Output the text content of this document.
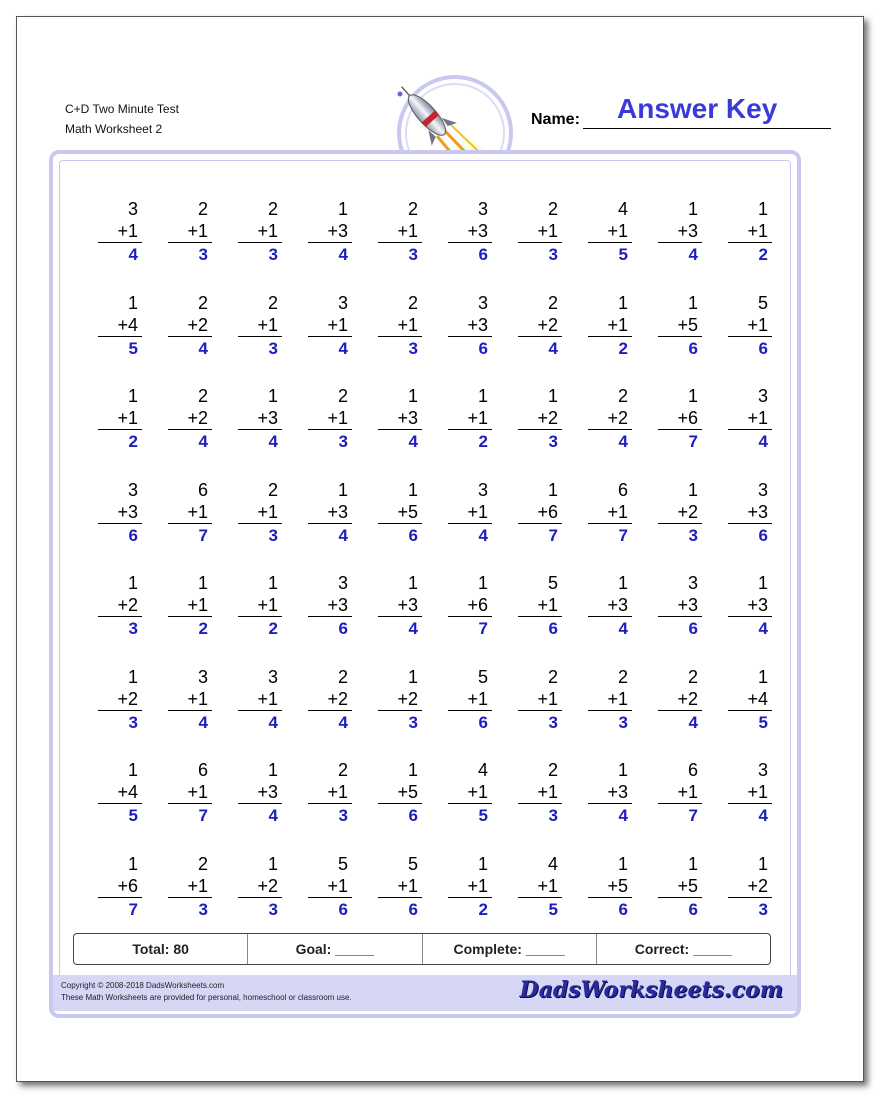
C+D Two Minute Test
Math Worksheet 2
Answer Key
Name:
3
+1
4
2
+1
3
2
+1
3
1
+3
4
2
+1
3
3
+3
6
2
+1
3
4
+1
5
1
+3
4
1
+1
2
1
+4
5
2
+2
4
2
+1
3
3
+1
4
2
+1
3
3
+3
6
2
+2
4
1
+1
2
1
+5
6
5
+1
6
1
+1
2
2
+2
4
1
+3
4
2
+1
3
1
+3
4
1
+1
2
1
+2
3
2
+2
4
1
+6
7
3
+1
4
3
+3
6
6
+1
7
2
+1
3
1
+3
4
1
+5
6
3
+1
4
1
+6
7
6
+1
7
1
+2
3
3
+3
6
1
+2
3
1
+1
2
1
+1
2
3
+3
6
1
+3
4
1
+6
7
5
+1
6
1
+3
4
3
+3
6
1
+3
4
1
+2
3
3
+1
4
3
+1
4
2
+2
4
1
+2
3
5
+1
6
2
+1
3
2
+1
3
2
+2
4
1
+4
5
1
+4
5
6
+1
7
1
+3
4
2
+1
3
1
+5
6
4
+1
5
2
+1
3
1
+3
4
6
+1
7
3
+1
4
1
+6
7
2
+1
3
1
+2
3
5
+1
6
5
+1
6
1
+1
2
4
+1
5
1
+5
6
1
+5
6
1
+2
3
Total: 80	Goal: _____	Complete: _____	Correct: _____
Copyright © 2008-2018 DadsWorksheets.com
These Math Worksheets are provided for personal, homeschool or classroom use.	DadsWorksheets.com
